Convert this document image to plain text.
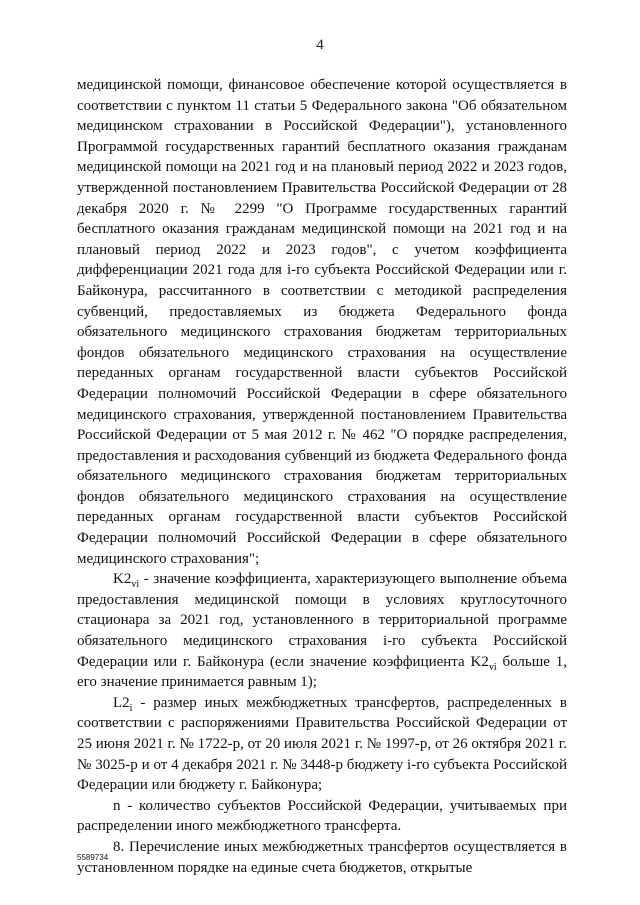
4

медицинской помощи, финансовое обеспечение которой осуществляется в соответствии с пунктом 11 статьи 5 Федерального закона "Об обязательном медицинском страховании в Российской Федерации"), установленного Программой государственных гарантий бесплатного оказания гражданам медицинской помощи на 2021 год и на плановый период 2022 и 2023 годов, утвержденной постановлением Правительства Российской Федерации от 28 декабря 2020 г. № 2299 "О Программе государственных гарантий бесплатного оказания гражданам медицинской помощи на 2021 год и на плановый период 2022 и 2023 годов", с учетом коэффициента дифференциации 2021 года для i-го субъекта Российской Федерации или г. Байконура, рассчитанного в соответствии с методикой распределения субвенций, предоставляемых из бюджета Федерального фонда обязательного медицинского страхования бюджетам территориальных фондов обязательного медицинского страхования на осуществление переданных органам государственной власти субъектов Российской Федерации полномочий Российской Федерации в сфере обязательного медицинского страхования, утвержденной постановлением Правительства Российской Федерации от 5 мая 2012 г. № 462 "О порядке распределения, предоставления и расходования субвенций из бюджета Федерального фонда обязательного медицинского страхования бюджетам территориальных фондов обязательного медицинского страхования на осуществление переданных органам государственной власти субъектов Российской Федерации полномочий Российской Федерации в сфере обязательного медицинского страхования";

$K2_{vi}$ - значение коэффициента, характеризующего выполнение объема предоставления медицинской помощи в условиях круглосуточного стационара за 2021 год, установленного в территориальной программе обязательного медицинского страхования i-го субъекта Российской Федерации или г. Байконура (если значение коэффициента $K2_{vi}$ больше 1, его значение принимается равным 1);

$L2_i$ - размер иных межбюджетных трансфертов, распределенных в соответствии с распоряжениями Правительства Российской Федерации от 25 июня 2021 г. № 1722-р, от 20 июля 2021 г. № 1997-р, от 26 октября 2021 г. № 3025-р и от 4 декабря 2021 г. № 3448-р бюджету i-го субъекта Российской Федерации или бюджету г. Байконура;

n - количество субъектов Российской Федерации, учитываемых при распределении иного межбюджетного трансферта.

8. Перечисление иных межбюджетных трансфертов осуществляется в установленном порядке на единые счета бюджетов, открытые

5589734
